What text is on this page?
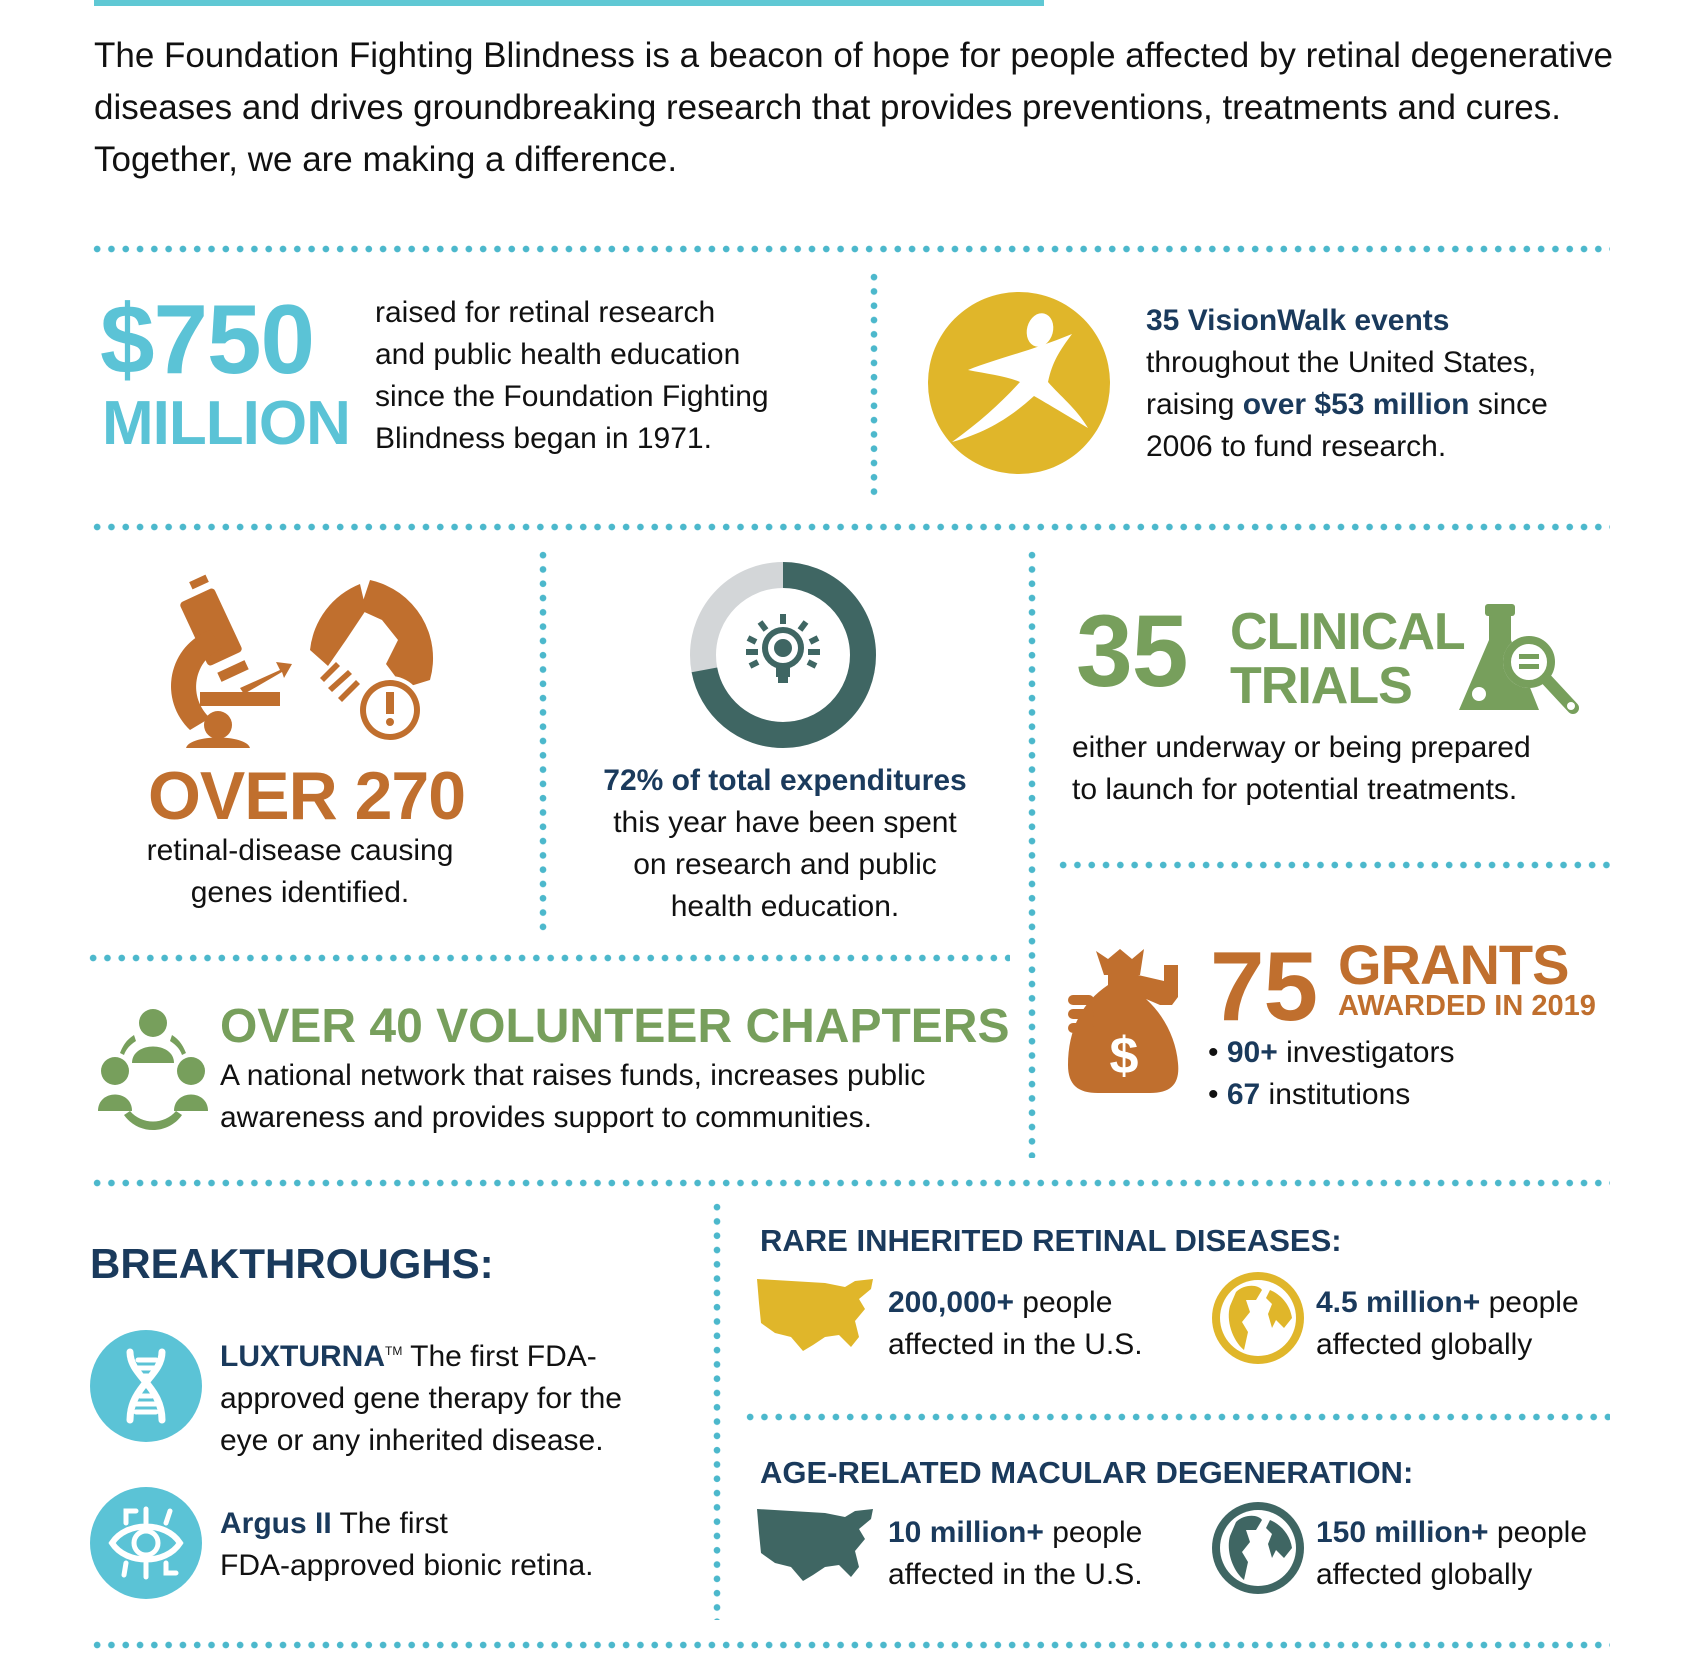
The Foundation Fighting Blindness is a beacon of hope for people affected by retinal degenerative diseases and drives groundbreaking research that provides preventions, treatments and cures. Together, we are making a difference.
$750
MILLION
raised for retinal research
and public health education
since the Foundation Fighting
Blindness began in 1971.
35 VisionWalk events
throughout the United States,
raising over $53 million since
2006 to fund research.
OVER 270
retinal-disease causing
genes identified.
72% of total expenditures
this year have been spent
on research and public
health education.
35 CLINICAL
TRIALS
either underway or being prepared
to launch for potential treatments.
OVER 40 VOLUNTEER CHAPTERS
A national network that raises funds, increases public
awareness and provides support to communities.
$
75 GRANTS
AWARDED IN 2019
• 90+ investigators
• 67 institutions
BREAKTHROUGHS:
LUXTURNA™ The first FDA-
approved gene therapy for the
eye or any inherited disease.
Argus II The first
FDA-approved bionic retina.
RARE INHERITED RETINAL DISEASES:
200,000+ people
affected in the U.S.
4.5 million+ people
affected globally
AGE-RELATED MACULAR DEGENERATION:
10 million+ people
affected in the U.S.
150 million+ people
affected globally
